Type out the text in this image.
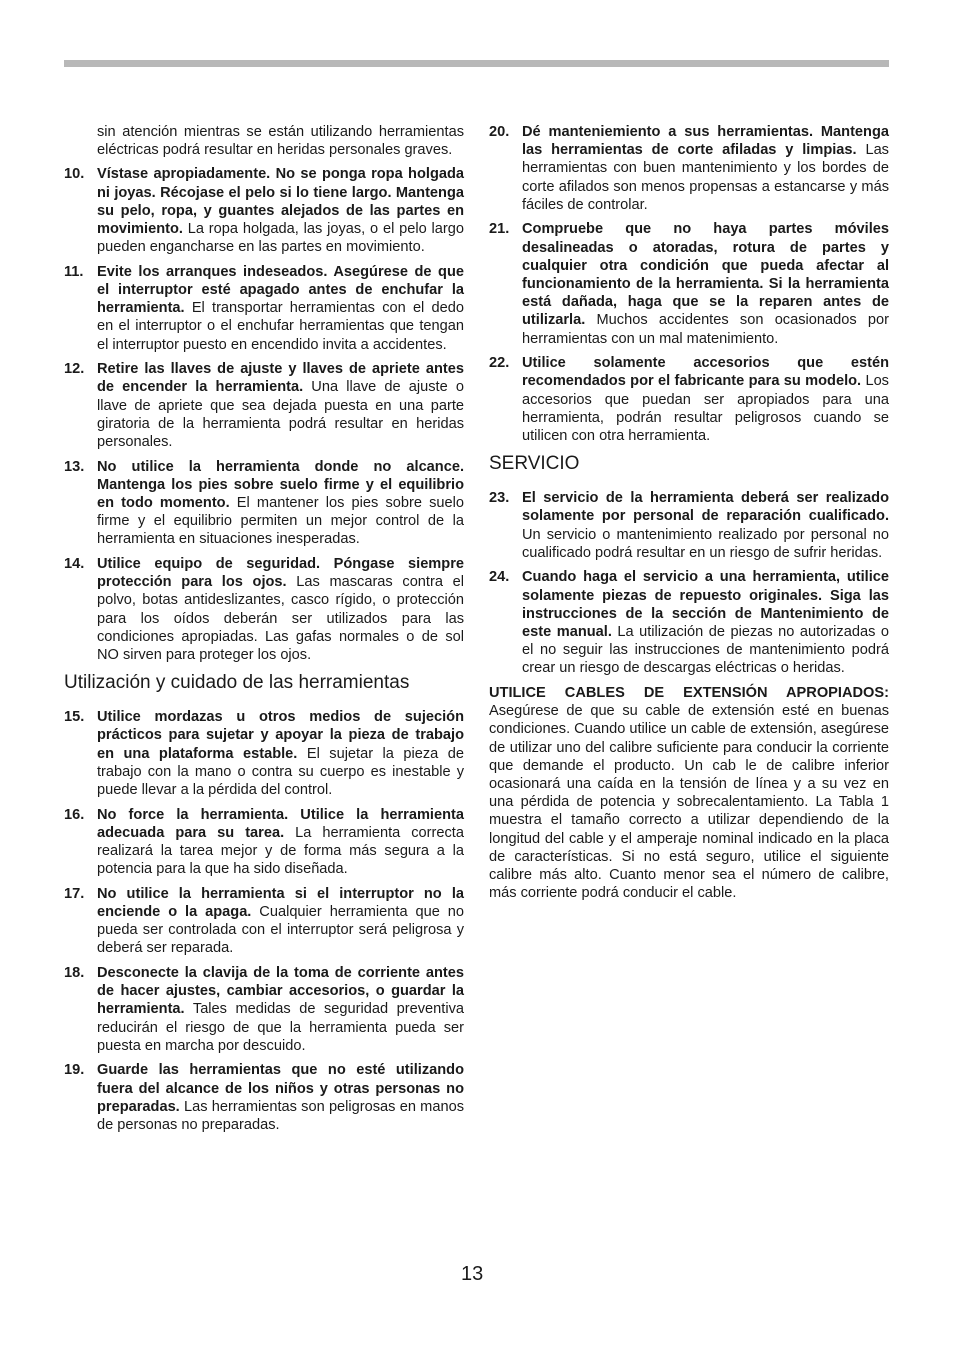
sin atención mientras se están utilizando herramientas eléctricas podrá resultar en heridas personales graves.

10. Vístase apropiadamente. No se ponga ropa holgada ni joyas. Récojase el pelo si lo tiene largo. Mantenga su pelo, ropa, y guantes alejados de las partes en movimiento. La ropa holgada, las joyas, o el pelo largo pueden engancharse en las partes en movimiento.
11. Evite los arranques indeseados. Asegúrese de que el interruptor esté apagado antes de enchufar la herramienta. El transportar herramientas con el dedo en el interruptor o el enchufar herramientas que tengan el interruptor puesto en encendido invita a accidentes.
12. Retire las llaves de ajuste y llaves de apriete antes de encender la herramienta. Una llave de ajuste o llave de apriete que sea dejada puesta en una parte giratoria de la herramienta podrá resultar en heridas personales.
13. No utilice la herramienta donde no alcance. Mantenga los pies sobre suelo firme y el equilibrio en todo momento. El mantener los pies sobre suelo firme y el equilibrio permiten un mejor control de la herramienta en situaciones inesperadas.
14. Utilice equipo de seguridad. Póngase siempre protección para los ojos. Las mascaras contra el polvo, botas antideslizantes, casco rígido, o protección para los oídos deberán ser utilizados para las condiciones apropiadas. Las gafas normales o de sol NO sirven para proteger los ojos.
Utilización y cuidado de las herramientas
15. Utilice mordazas u otros medios de sujeción prácticos para sujetar y apoyar la pieza de trabajo en una plataforma estable. El sujetar la pieza de trabajo con la mano o contra su cuerpo es inestable y puede llevar a la pérdida del control.
16. No force la herramienta. Utilice la herramienta adecuada para su tarea. La herramienta correcta realizará la tarea mejor y de forma más segura a la potencia para la que ha sido diseñada.
17. No utilice la herramienta si el interruptor no la enciende o la apaga. Cualquier herramienta que no pueda ser controlada con el interruptor será peligrosa y deberá ser reparada.
18. Desconecte la clavija de la toma de corriente antes de hacer ajustes, cambiar accesorios, o guardar la herramienta. Tales medidas de seguridad preventiva reducirán el riesgo de que la herramienta pueda ser puesta en marcha por descuido.
19. Guarde las herramientas que no esté utilizando fuera del alcance de los niños y otras personas no preparadas. Las herramientas son peligrosas en manos de personas no preparadas.
20. Dé manteniemiento a sus herramientas. Mantenga las herramientas de corte afiladas y limpias. Las herramientas con buen mantenimiento y los bordes de corte afilados son menos propensas a estancarse y más fáciles de controlar.
21. Compruebe que no haya partes móviles desalineadas o atoradas, rotura de partes y cualquier otra condición que pueda afectar al funcionamiento de la herramienta. Si la herramienta está dañada, haga que se la reparen antes de utilizarla. Muchos accidentes son ocasionados por herramientas con un mal matenimiento.
22. Utilice solamente accesorios que estén recomendados por el fabricante para su modelo. Los accesorios que puedan ser apropiados para una herramienta, podrán resultar peligrosos cuando se utilicen con otra herramienta.
SERVICIO
23. El servicio de la herramienta deberá ser realizado solamente por personal de reparación cualificado. Un servicio o mantenimiento realizado por personal no cualificado podrá resultar en un riesgo de sufrir heridas.
24. Cuando haga el servicio a una herramienta, utilice solamente piezas de repuesto originales. Siga las instrucciones de la sección de Mantenimiento de este manual. La utilización de piezas no autorizadas o el no seguir las instrucciones de mantenimiento podrá crear un riesgo de descargas eléctricas o heridas.

UTILICE CABLES DE EXTENSIÓN APROPIADOS: Asegúrese de que su cable de extensión esté en buenas condiciones. Cuando utilice un cable de extensión, asegúrese de utilizar uno del calibre suficiente para conducir la corriente que demande el producto. Un cab le de calibre inferior ocasionará una caída en la tensión de línea y a su vez en una pérdida de potencia y sobrecalentamiento. La Tabla 1 muestra el tamaño correcto a utilizar dependiendo de la longitud del cable y el amperaje nominal indicado en la placa de características. Si no está seguro, utilice el siguiente calibre más alto. Cuanto menor sea el número de calibre, más corriente podrá conducir el cable.

13
